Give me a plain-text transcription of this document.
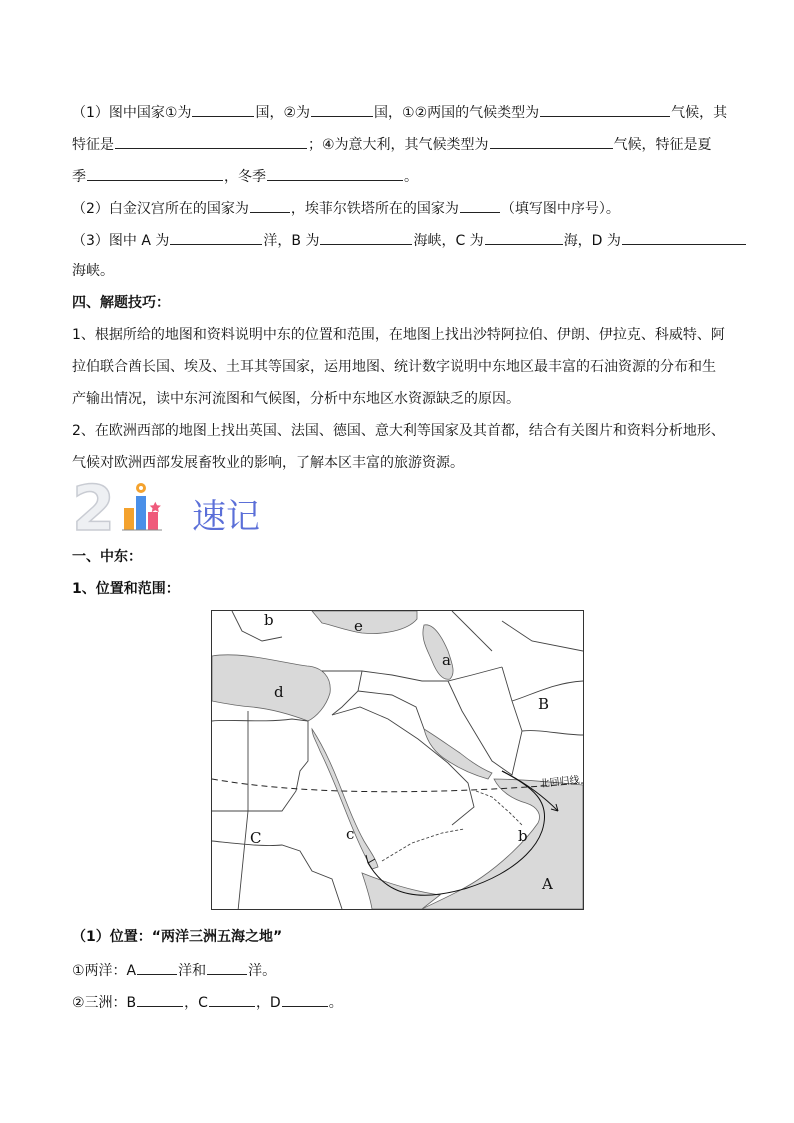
（1）图中国家①为	国，②为	国，①②两国的气候类型为	气候，其
特征是	；④为意大利，其气候类型为	气候，特征是夏
季	，冬季	。
（2）白金汉宫所在的国家为	，埃菲尔铁塔所在的国家为	（填写图中序号）。
（3）图中 A 为	洋，B 为	海峡，C 为	海，D 为
海峡。
四、解题技巧：
1、根据所给的地图和资料说明中东的位置和范围，在地图上找出沙特阿拉伯、伊朗、伊拉克、科威特、阿
拉伯联合酋长国、埃及、土耳其等国家，运用地图、统计数字说明中东地区最丰富的石油资源的分布和生
产输出情况，读中东河流图和气候图，分析中东地区水资源缺乏的原因。
2、在欧洲西部的地图上找出英国、法国、德国、意大利等国家及其首都，结合有关图片和资料分析地形、
气候对欧洲西部发展畜牧业的影响，了解本区丰富的旅游资源。
2 速记
一、中东：
1、位置和范围：
b	e
a
B
d
C	c	b
A
北回归线
（1）位置：“两洋三洲五海之地”
①两洋：A	洋和	洋。
②三洲：B	，C	，D	。
